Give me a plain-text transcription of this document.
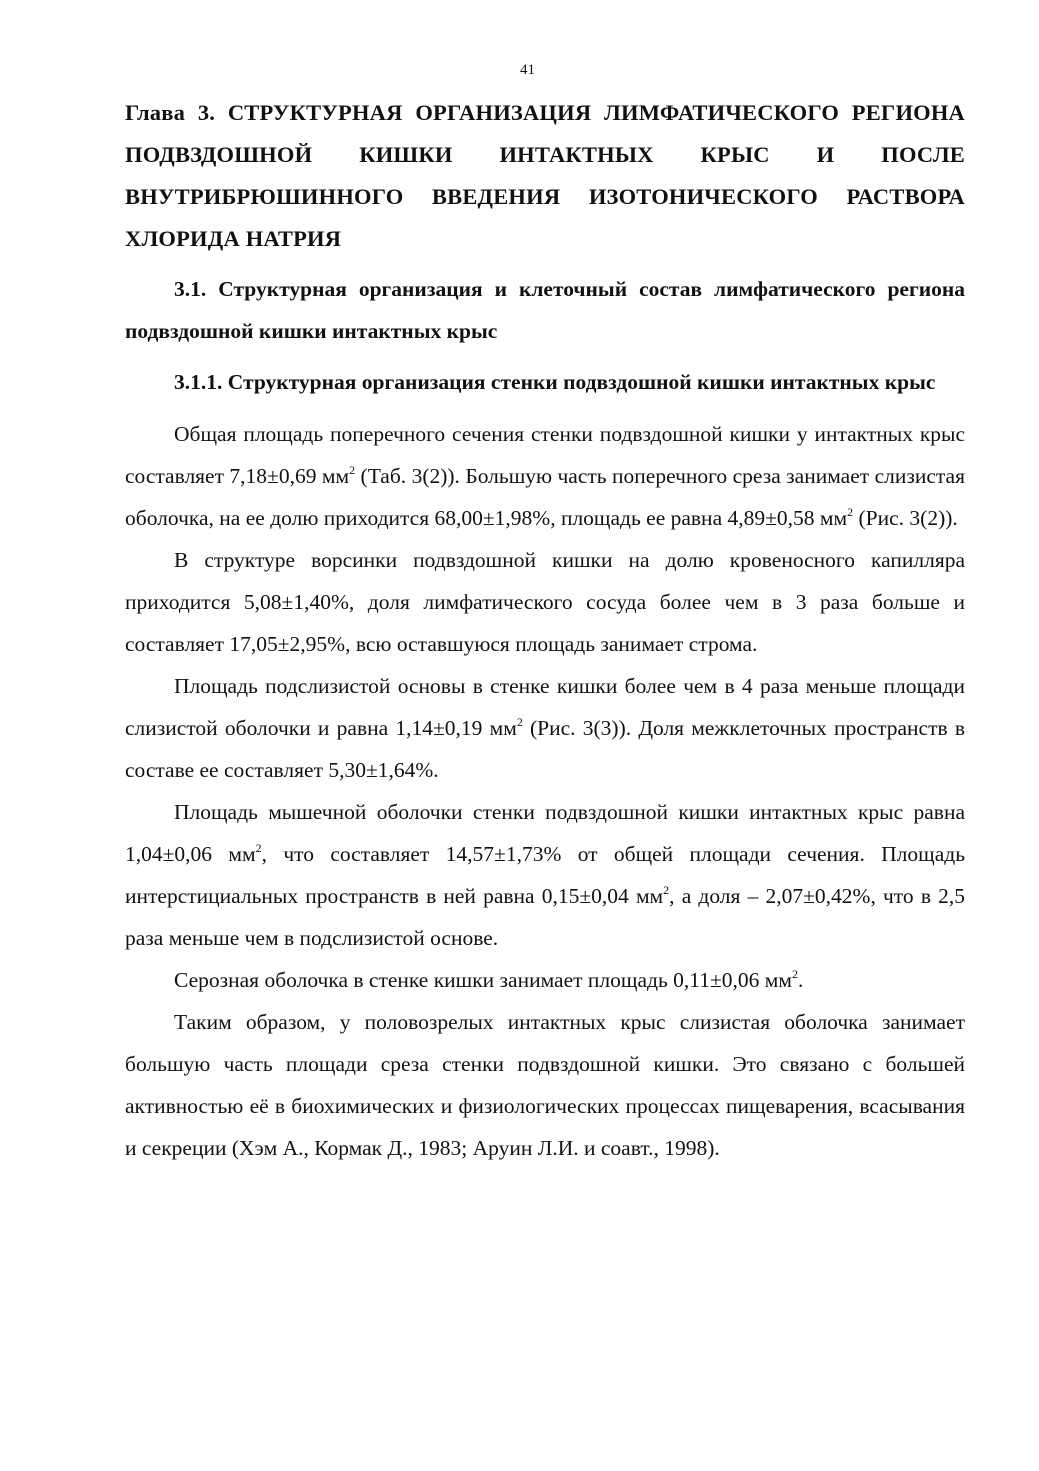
41
Глава 3. СТРУКТУРНАЯ ОРГАНИЗАЦИЯ ЛИМФАТИЧЕСКОГО РЕГИОНА ПОДВЗДОШНОЙ КИШКИ ИНТАКТНЫХ КРЫС И ПОСЛЕ ВНУТРИБРЮШИННОГО ВВЕДЕНИЯ ИЗОТОНИЧЕСКОГО РАСТВОРА ХЛОРИДА НАТРИЯ
3.1. Структурная организация и клеточный состав лимфатического региона подвздошной кишки интактных крыс
3.1.1. Структурная организация стенки подвздошной кишки интактных крыс

Общая площадь поперечного сечения стенки подвздошной кишки у интактных крыс составляет 7,18±0,69 $мм^2$ (Таб. 3(2)). Большую часть поперечного среза занимает слизистая оболочка, на ее долю приходится 68,00±1,98%, площадь ее равна 4,89±0,58 $мм^2$ (Рис. 3(2)).

В структуре ворсинки подвздошной кишки на долю кровеносного капилляра приходится 5,08±1,40%, доля лимфатического сосуда более чем в 3 раза больше и составляет 17,05±2,95%, всю оставшуюся площадь занимает строма.

Площадь подслизистой основы в стенке кишки более чем в 4 раза меньше площади слизистой оболочки и равна 1,14±0,19 $мм^2$ (Рис. 3(3)). Доля межклеточных пространств в составе ее составляет 5,30±1,64%.

Площадь мышечной оболочки стенки подвздошной кишки интактных крыс равна 1,04±0,06 $мм^2$, что составляет 14,57±1,73% от общей площади сечения. Площадь интерстициальных пространств в ней равна 0,15±0,04 $мм^2$, а доля – 2,07±0,42%, что в 2,5 раза меньше чем в подслизистой основе.

Серозная оболочка в стенке кишки занимает площадь 0,11±0,06 $мм^2$.

Таким образом, у половозрелых интактных крыс слизистая оболочка занимает большую часть площади среза стенки подвздошной кишки. Это связано с большей активностью её в биохимических и физиологических процессах пищеварения, всасывания и секреции (Хэм А., Кормак Д., 1983; Аруин Л.И. и соавт., 1998).
